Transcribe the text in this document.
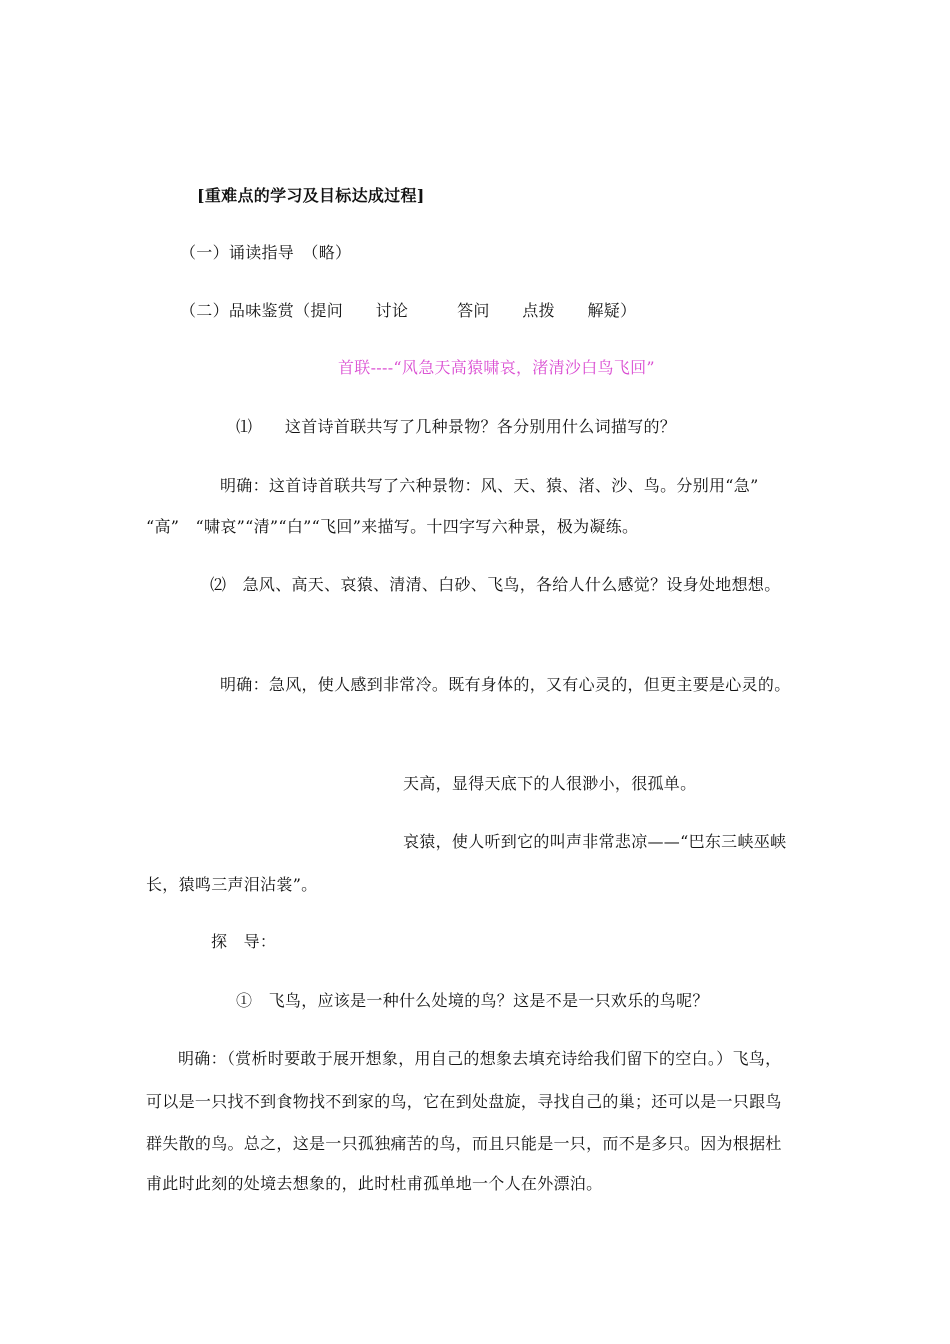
[重难点的学习及目标达成过程]
（一）诵读指导　（略）
（二）品味鉴赏（提问　　讨论　　　答问　　点拨　　解疑）
首联----“风急天高猿啸哀，渚清沙白鸟飞回”
⑴　　这首诗首联共写了几种景物？各分别用什么词描写的？
明确：这首诗首联共写了六种景物：风、天、猿、渚、沙、鸟。分别用“急”
“高”　“啸哀”“清”“白”“飞回”来描写。十四字写六种景，极为凝练。
⑵　急风、高天、哀猿、清清、白砂、飞鸟，各给人什么感觉？设身处地想想。
明确：急风，使人感到非常冷。既有身体的，又有心灵的，但更主要是心灵的。
天高，显得天底下的人很渺小，很孤单。
哀猿，使人听到它的叫声非常悲凉——“巴东三峡巫峡
长，猿鸣三声泪沾裳”。
探　导：
①　飞鸟，应该是一种什么处境的鸟？这是不是一只欢乐的鸟呢？
明确：（赏析时要敢于展开想象，用自己的想象去填充诗给我们留下的空白。）飞鸟，
可以是一只找不到食物找不到家的鸟，它在到处盘旋，寻找自己的巢；还可以是一只跟鸟
群失散的鸟。总之，这是一只孤独痛苦的鸟，而且只能是一只，而不是多只。因为根据杜
甫此时此刻的处境去想象的，此时杜甫孤单地一个人在外漂泊。
